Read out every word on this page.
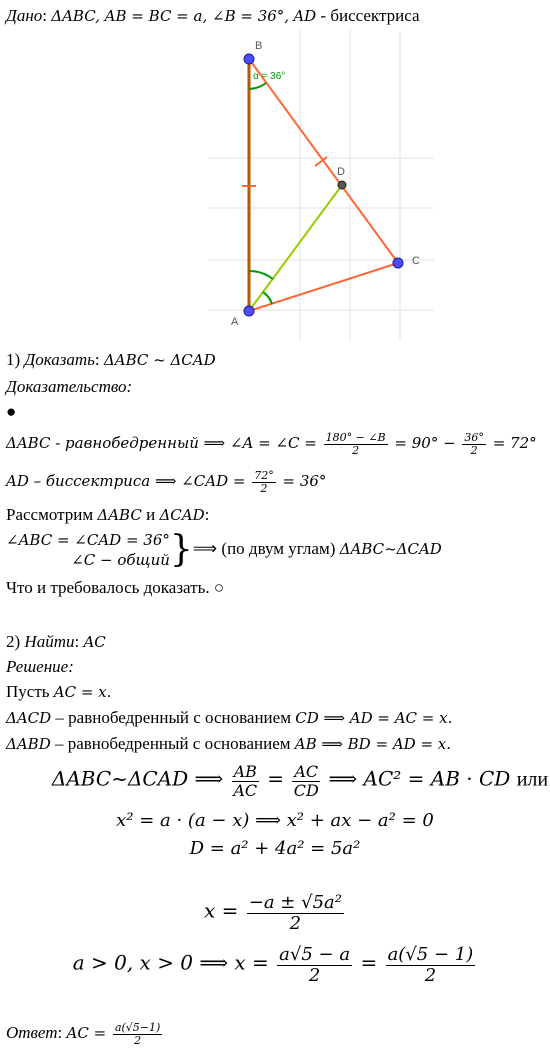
Дано: ΔABC, AB = BC = a, ∠B = 36°, AD - биссектриса
B
A
C
D
α = 36°
1) Доказать: ΔABC ~ ΔCAD
Доказательство:
●
ΔABC - равнобедренный ⟹ ∠A = ∠C = $\frac{180^\circ - \angle B}{2} = 90^\circ - \frac{36^\circ}{2} = 72^\circ$
AD – биссектриса ⟹ ∠CAD = $\frac{72^\circ}{2} = 36^\circ$
Рассмотрим ΔABC и ΔCAD:
∠ABC = ∠CAD = 36°
∠C − общий }⟹ (по двум углам) ΔABC~ΔCAD
Что и требовалось доказать. ○
2) Найти: AC
Решение:
Пусть AC = x.
ΔACD – равнобедренный с основанием CD ⟹ AD = AC = x.
ΔABD – равнобедренный с основанием AB ⟹ BD = AD = x.
ΔABC~ΔCAD ⟹ $\frac{AB}{AC} = \frac{AC}{CD}$ ⟹ AC² = AB · CD или
x² = a · (a − x) ⟹ x² + ax − a² = 0
D = a² + 4a² = 5a²
$x = \frac{\text{−a ± √5a²}}{2}$
a > 0, x > 0 ⟹ $x = \frac{a√5 - a}{2} = \frac{a(√5 - 1)}{2}$
Ответ: AC = $\frac{a(√5-1)}{2}$
